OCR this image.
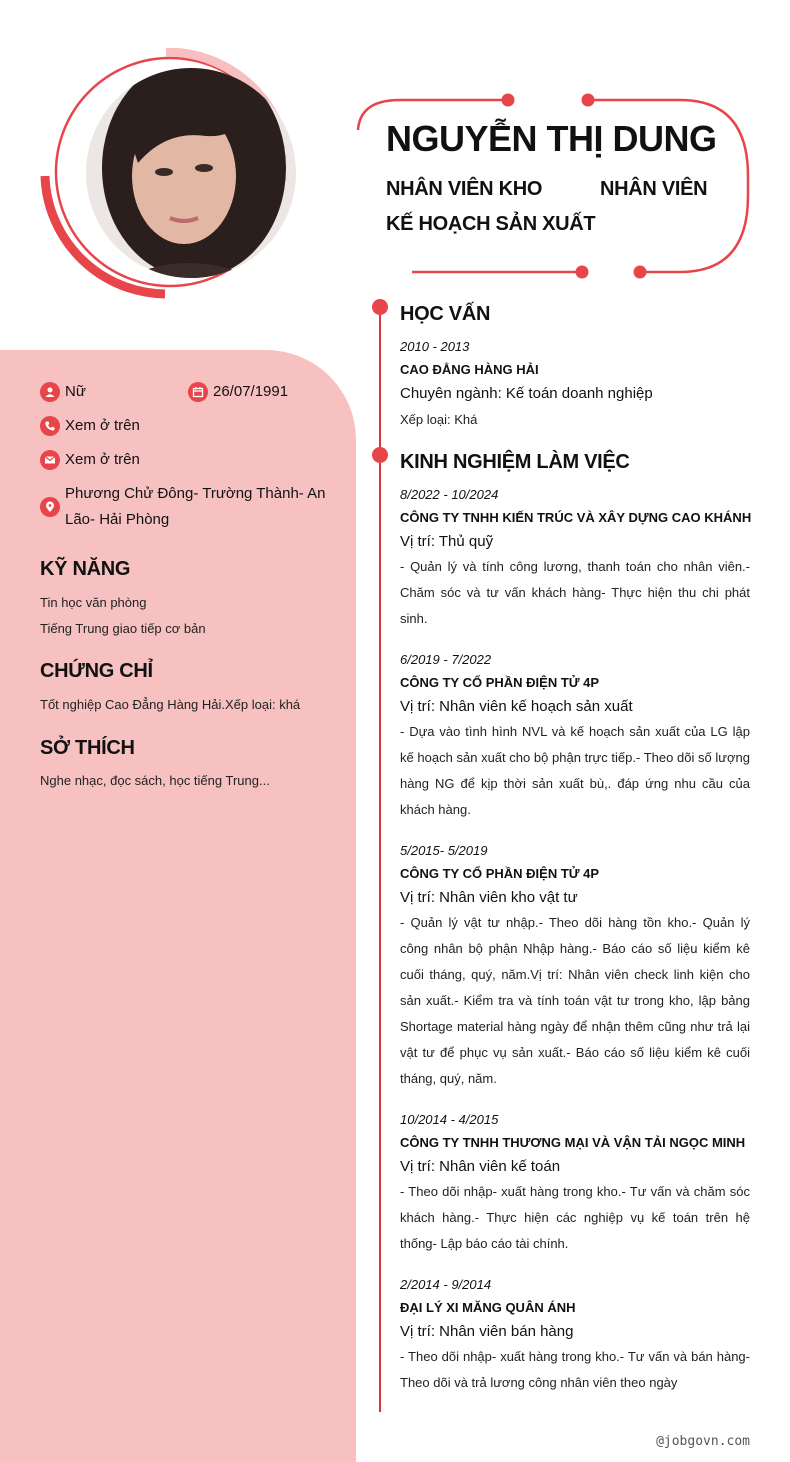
NGUYỄN THỊ DUNG
NHÂN VIÊN KHO	NHÂN VIÊN
KẾ HOẠCH SẢN XUẤT
Nữ	26/07/1991
Xem ở trên
Xem ở trên
Phương Chử Đông- Trường Thành- An
Lão- Hải Phòng
KỸ NĂNG
Tin học văn phòng
Tiếng Trung giao tiếp cơ bản
CHỨNG CHỈ
Tốt nghiệp Cao Đẳng Hàng Hải.Xếp loại: khá
SỞ THÍCH
Nghe nhạc, đọc sách, học tiếng Trung...
HỌC VẤN
2010 - 2013
CAO ĐẲNG HÀNG HẢI
Chuyên ngành: Kế toán doanh nghiệp
Xếp loại: Khá
KINH NGHIỆM LÀM VIỆC
8/2022 - 10/2024
CÔNG TY TNHH KIẾN TRÚC VÀ XÂY DỰNG CAO KHÁNH
Vị trí: Thủ quỹ
- Quản lý và tính công lương, thanh toán cho nhân viên.- Chăm sóc và tư vấn khách hàng- Thực hiện thu chi phát sinh.
6/2019 - 7/2022
CÔNG TY CỔ PHẦN ĐIỆN TỬ 4P
Vị trí: Nhân viên kế hoạch sản xuất
- Dựa vào tình hình NVL và kế hoạch sản xuất của LG lập kế hoạch sản xuất cho bộ phận trực tiếp.- Theo dõi số lượng hàng NG để kịp thời sản xuất bù,. đáp ứng nhu cầu của khách hàng.
5/2015- 5/2019
CÔNG TY CỔ PHẦN ĐIỆN TỬ 4P
Vị trí: Nhân viên kho vật tư
- Quản lý vật tư nhập.- Theo dõi hàng tồn kho.- Quản lý công nhân bộ phận Nhập hàng.- Báo cáo số liệu kiểm kê cuối tháng, quý, năm.Vị trí: Nhân viên check linh kiện cho sản xuất.- Kiểm tra và tính toán vật tư trong kho, lập bảng Shortage material hàng ngày để nhận thêm cũng như trả lại vật tư để phục vụ sản xuất.- Báo cáo số liệu kiểm kê cuối tháng, quý, năm.
10/2014 - 4/2015
CÔNG TY TNHH THƯƠNG MẠI VÀ VẬN TẢI NGỌC MINH
Vị trí: Nhân viên kế toán
- Theo dõi nhập- xuất hàng trong kho.- Tư vấn và chăm sóc khách hàng.- Thực hiện các nghiệp vụ kế toán trên hệ thống- Lập báo cáo tài chính.
2/2014 - 9/2014
ĐẠI LÝ XI MĂNG QUÂN ÁNH
Vị trí: Nhân viên bán hàng
- Theo dõi nhập- xuất hàng trong kho.- Tư vấn và bán hàng- Theo dõi và trả lương công nhân viên theo ngày
@jobgovn.com
